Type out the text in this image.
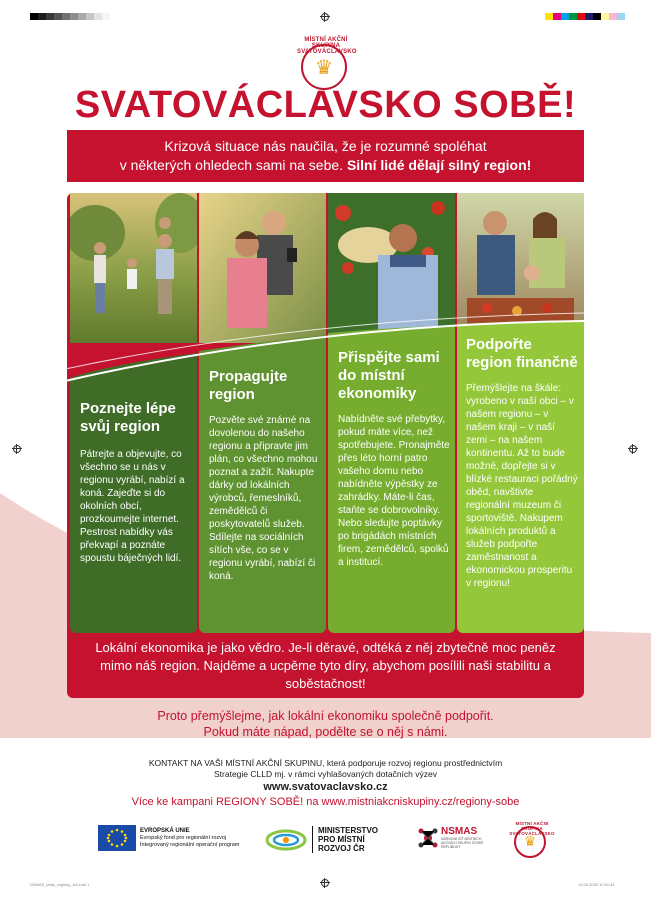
MÍSTNÍ AKČNÍ SKUPINA SVATOVÁCLAVSKO
♛
SVATOVÁCLAVSKO SOBĚ!
Krizová situace nás naučila, že je rozumné spoléhat
v některých ohledech sami na sebe. Silní lidé dělají silný region!
Poznejte lépe svůj region

Pátrejte a objevujte, co všechno se u nás v regionu vyrábí, nabízí a koná. Zajeďte si do okolních obcí, prozkoumejte internet. Pestrost nabídky vás překvapí a poznáte spoustu báječných lidí.

Propagujte region

Pozvěte své známé na dovolenou do našeho regionu a připravte jim plán, co všechno mohou poznat a zažít. Nakupte dárky od lokálních výrobců, řemeslníků, zemědělců či poskytovatelů služeb. Sdílejte na sociálních sítích vše, co se v regionu vyrábí, nabízí či koná.

Přispějte sami do místní ekonomiky

Nabídněte své přebytky, pokud máte více, než spotřebujete. Pronajměte přes léto horní patro vašeho domu nebo nabídněte výpěstky ze zahrádky. Máte-li čas, staňte se dobrovolníky. Nebo sledujte poptávky po brigádách místních firem, zemědělců, spolků a institucí.

Podpořte region finančně

Přemýšlejte na škále: vyrobeno v naší obci – v našem regionu – v našem kraji – v naší zemi – na našem kontinentu. Až to bude možné, dopřejte si v blízké restauraci pořádný oběd, navštivte regionální muzeum či sportoviště. Nakupem lokálních produktů a služeb podpořte zaměstnanost a ekonomickou prosperitu v regionu!

Lokální ekonomika je jako vědro. Je-li děravé, odtéká z něj zbytečně moc peněz mimo náš region. Najděme a ucpěme tyto díry, abychom posílili naši stabilitu a soběstačnost!
Proto přemýšlejme, jak lokální ekonomiku společně podpořit.
Pokud máte nápad, podělte se o něj s námi.
KONTAKT NA VAŠI MÍSTNÍ AKČNÍ SKUPINU, která podporuje rozvoj regionu prostřednictvím
Strategie CLLD mj. v rámci vyhlašovaných dotačních výzev
www.svatovaclavsko.cz
Více ke kampani REGIONY SOBĚ! na www.mistniakcniskupiny.cz/regiony-sobe
EVROPSKÁ UNIE
Evropský fond pro regionální rozvoj
Integrovaný regionální operační program
MINISTERSTVO
PRO MÍSTNÍ
ROZVOJ ČR
NSMAS
NÁRODNÍ SÍŤ MÍSTNÍCH AKČNÍCH SKUPIN ČESKÉ REPUBLIKY
MÍSTNÍ AKČNÍ SKUPINA SVATOVÁCLAVSKO
♛
NSMAS_letak_regiony_A3.indd 1	13.05.2020 10:51:41
